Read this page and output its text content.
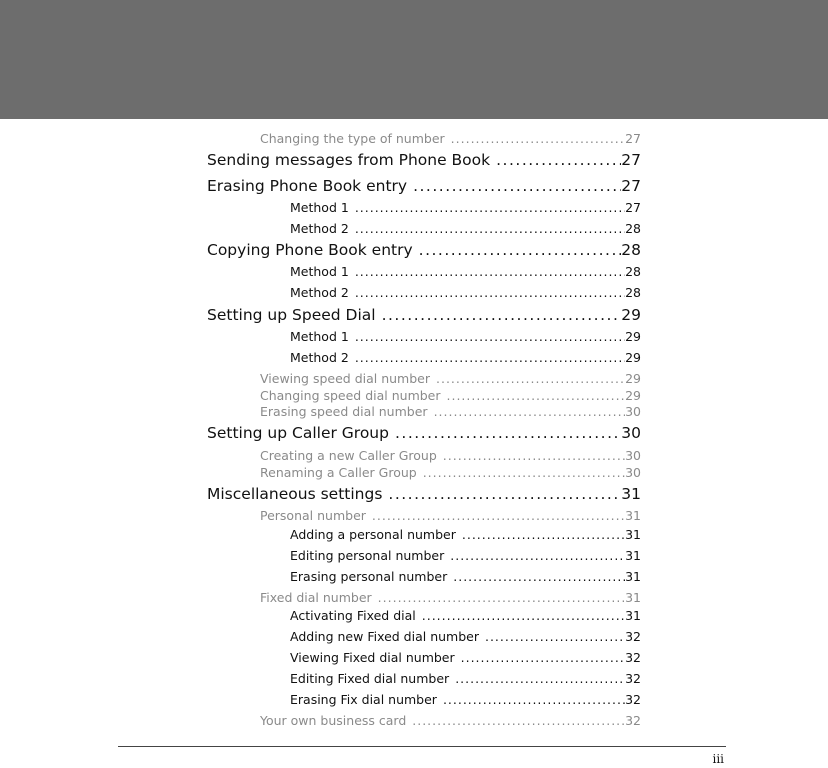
Changing the type of number .....	27
Sending messages from Phone Book .....	27
Erasing Phone Book entry .....	27
Method 1 .....	27
Method 2 .....	28
Copying Phone Book entry .....	28
Method 1 .....	28
Method 2 .....	28
Setting up Speed Dial .....	29
Method 1 .....	29
Method 2 .....	29
Viewing speed dial number .....	29
Changing speed dial number .....	29
Erasing speed dial number .....	30
Setting up Caller Group .....	30
Creating a new Caller Group .....	30
Renaming a Caller Group .....	30
Miscellaneous settings .....	31
Personal number .....	31
Adding a personal number .....	31
Editing personal number .....	31
Erasing personal number .....	31
Fixed dial number .....	31
Activating Fixed dial .....	31
Adding new Fixed dial number .....	32
Viewing Fixed dial number .....	32
Editing Fixed dial number .....	32
Erasing Fix dial number .....	32
Your own business card .....	32
iii
